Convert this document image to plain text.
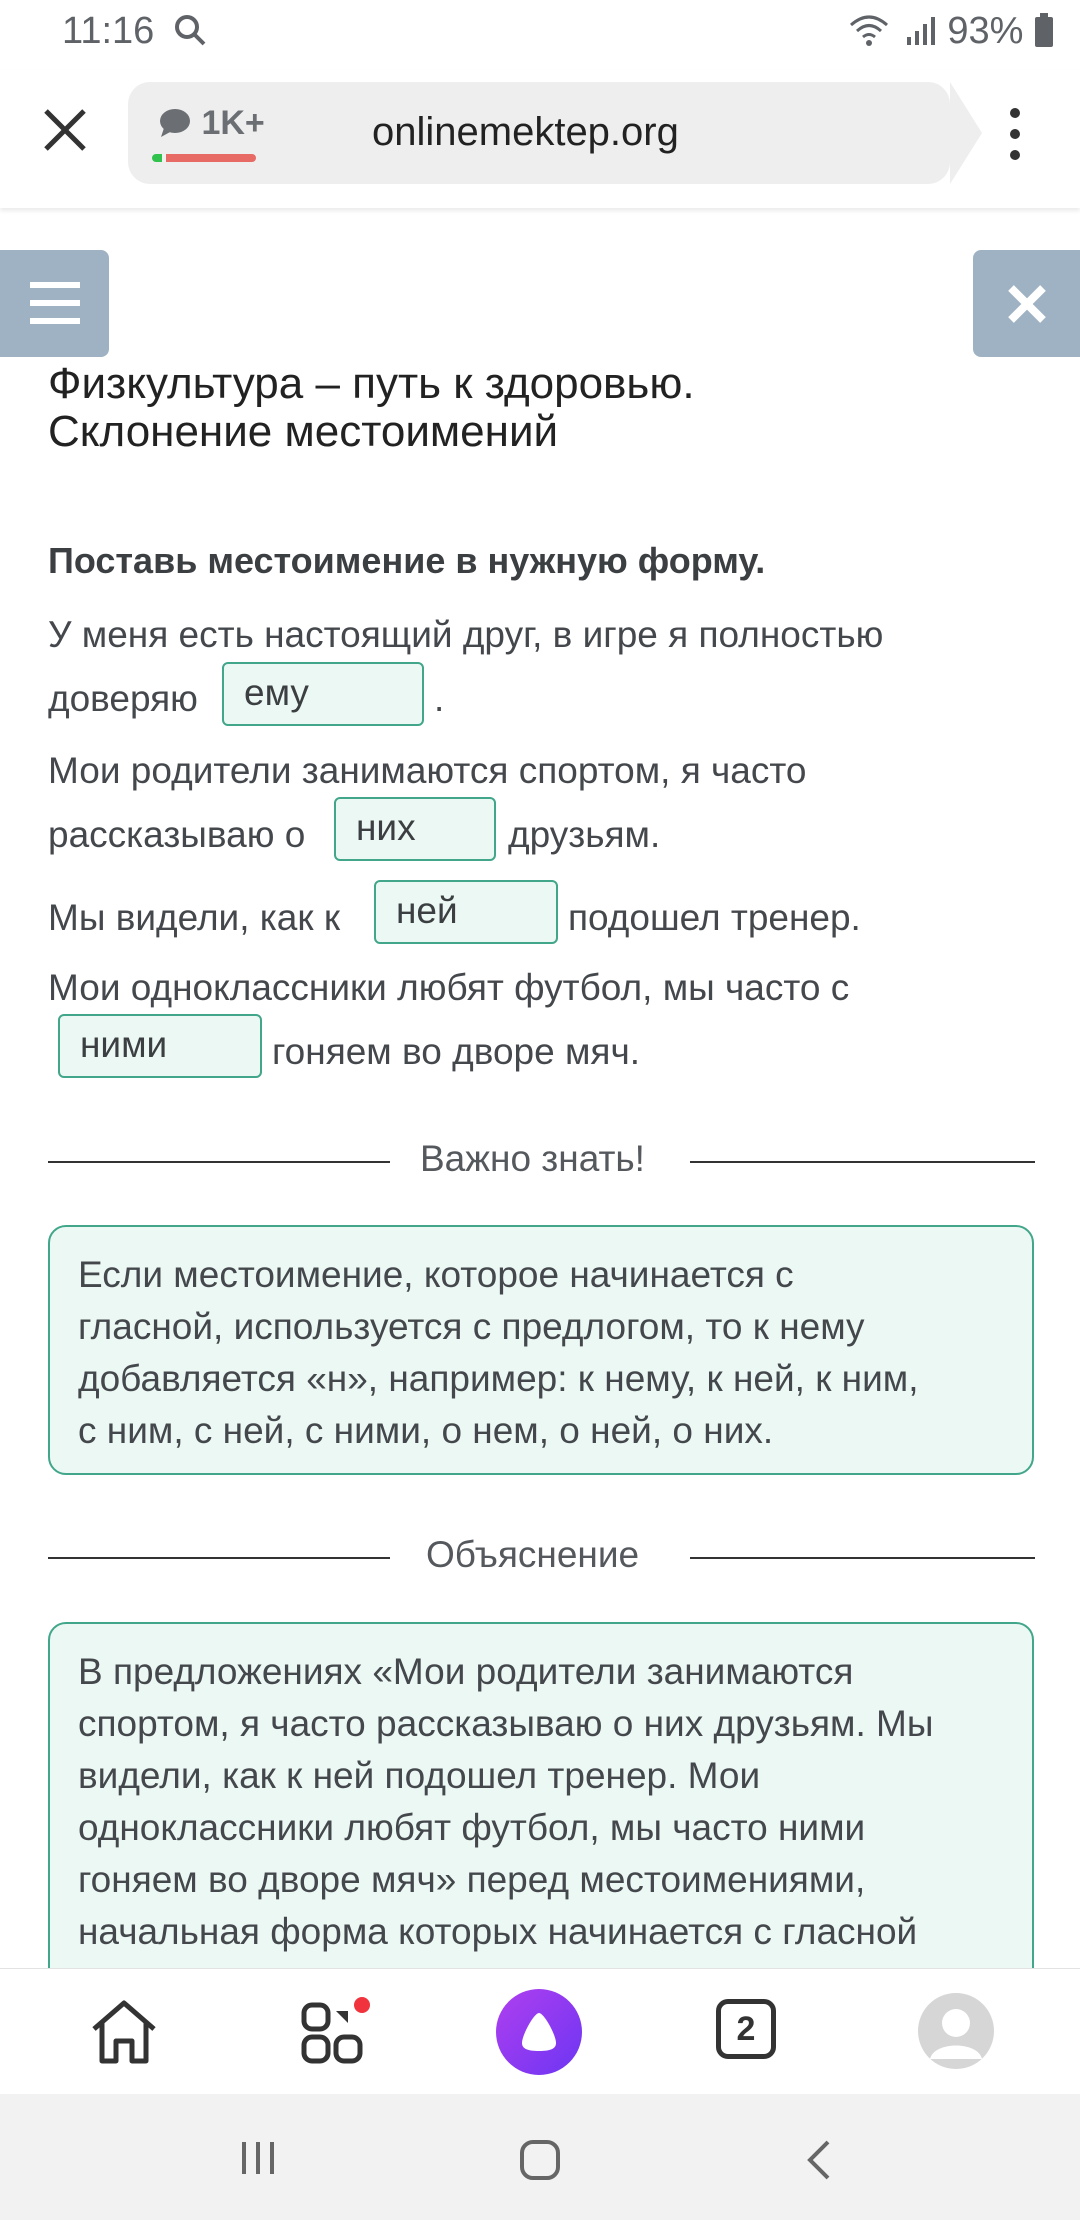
11:16	93%
1K+	onlinemektep.org
Физкультура – путь к здоровью.
Склонение местоимений
Поставь местоимение в нужную форму.
У меня есть настоящий друг, в игре я полностью
доверяю	ему	.
Мои родители занимаются спортом, я часто
рассказываю о	них	друзьям.
Мы видели, как к	ней	подошел тренер.
Мои одноклассники любят футбол, мы часто с
ними	гоняем во дворе мяч.
Важно знать!
Если местоимение, которое начинается с
гласной, используется с предлогом, то к нему
добавляется «н», например: к нему, к ней, к ним,
с ним, с ней, с ними, о нем, о ней, о них.
Объяснение
В предложениях «Мои родители занимаются
спортом, я часто рассказываю о них друзьям. Мы
видели, как к ней подошел тренер. Мои
одноклассники любят футбол, мы часто ними
гоняем во дворе мяч» перед местоимениями,
начальная форма которых начинается с гласной
2
